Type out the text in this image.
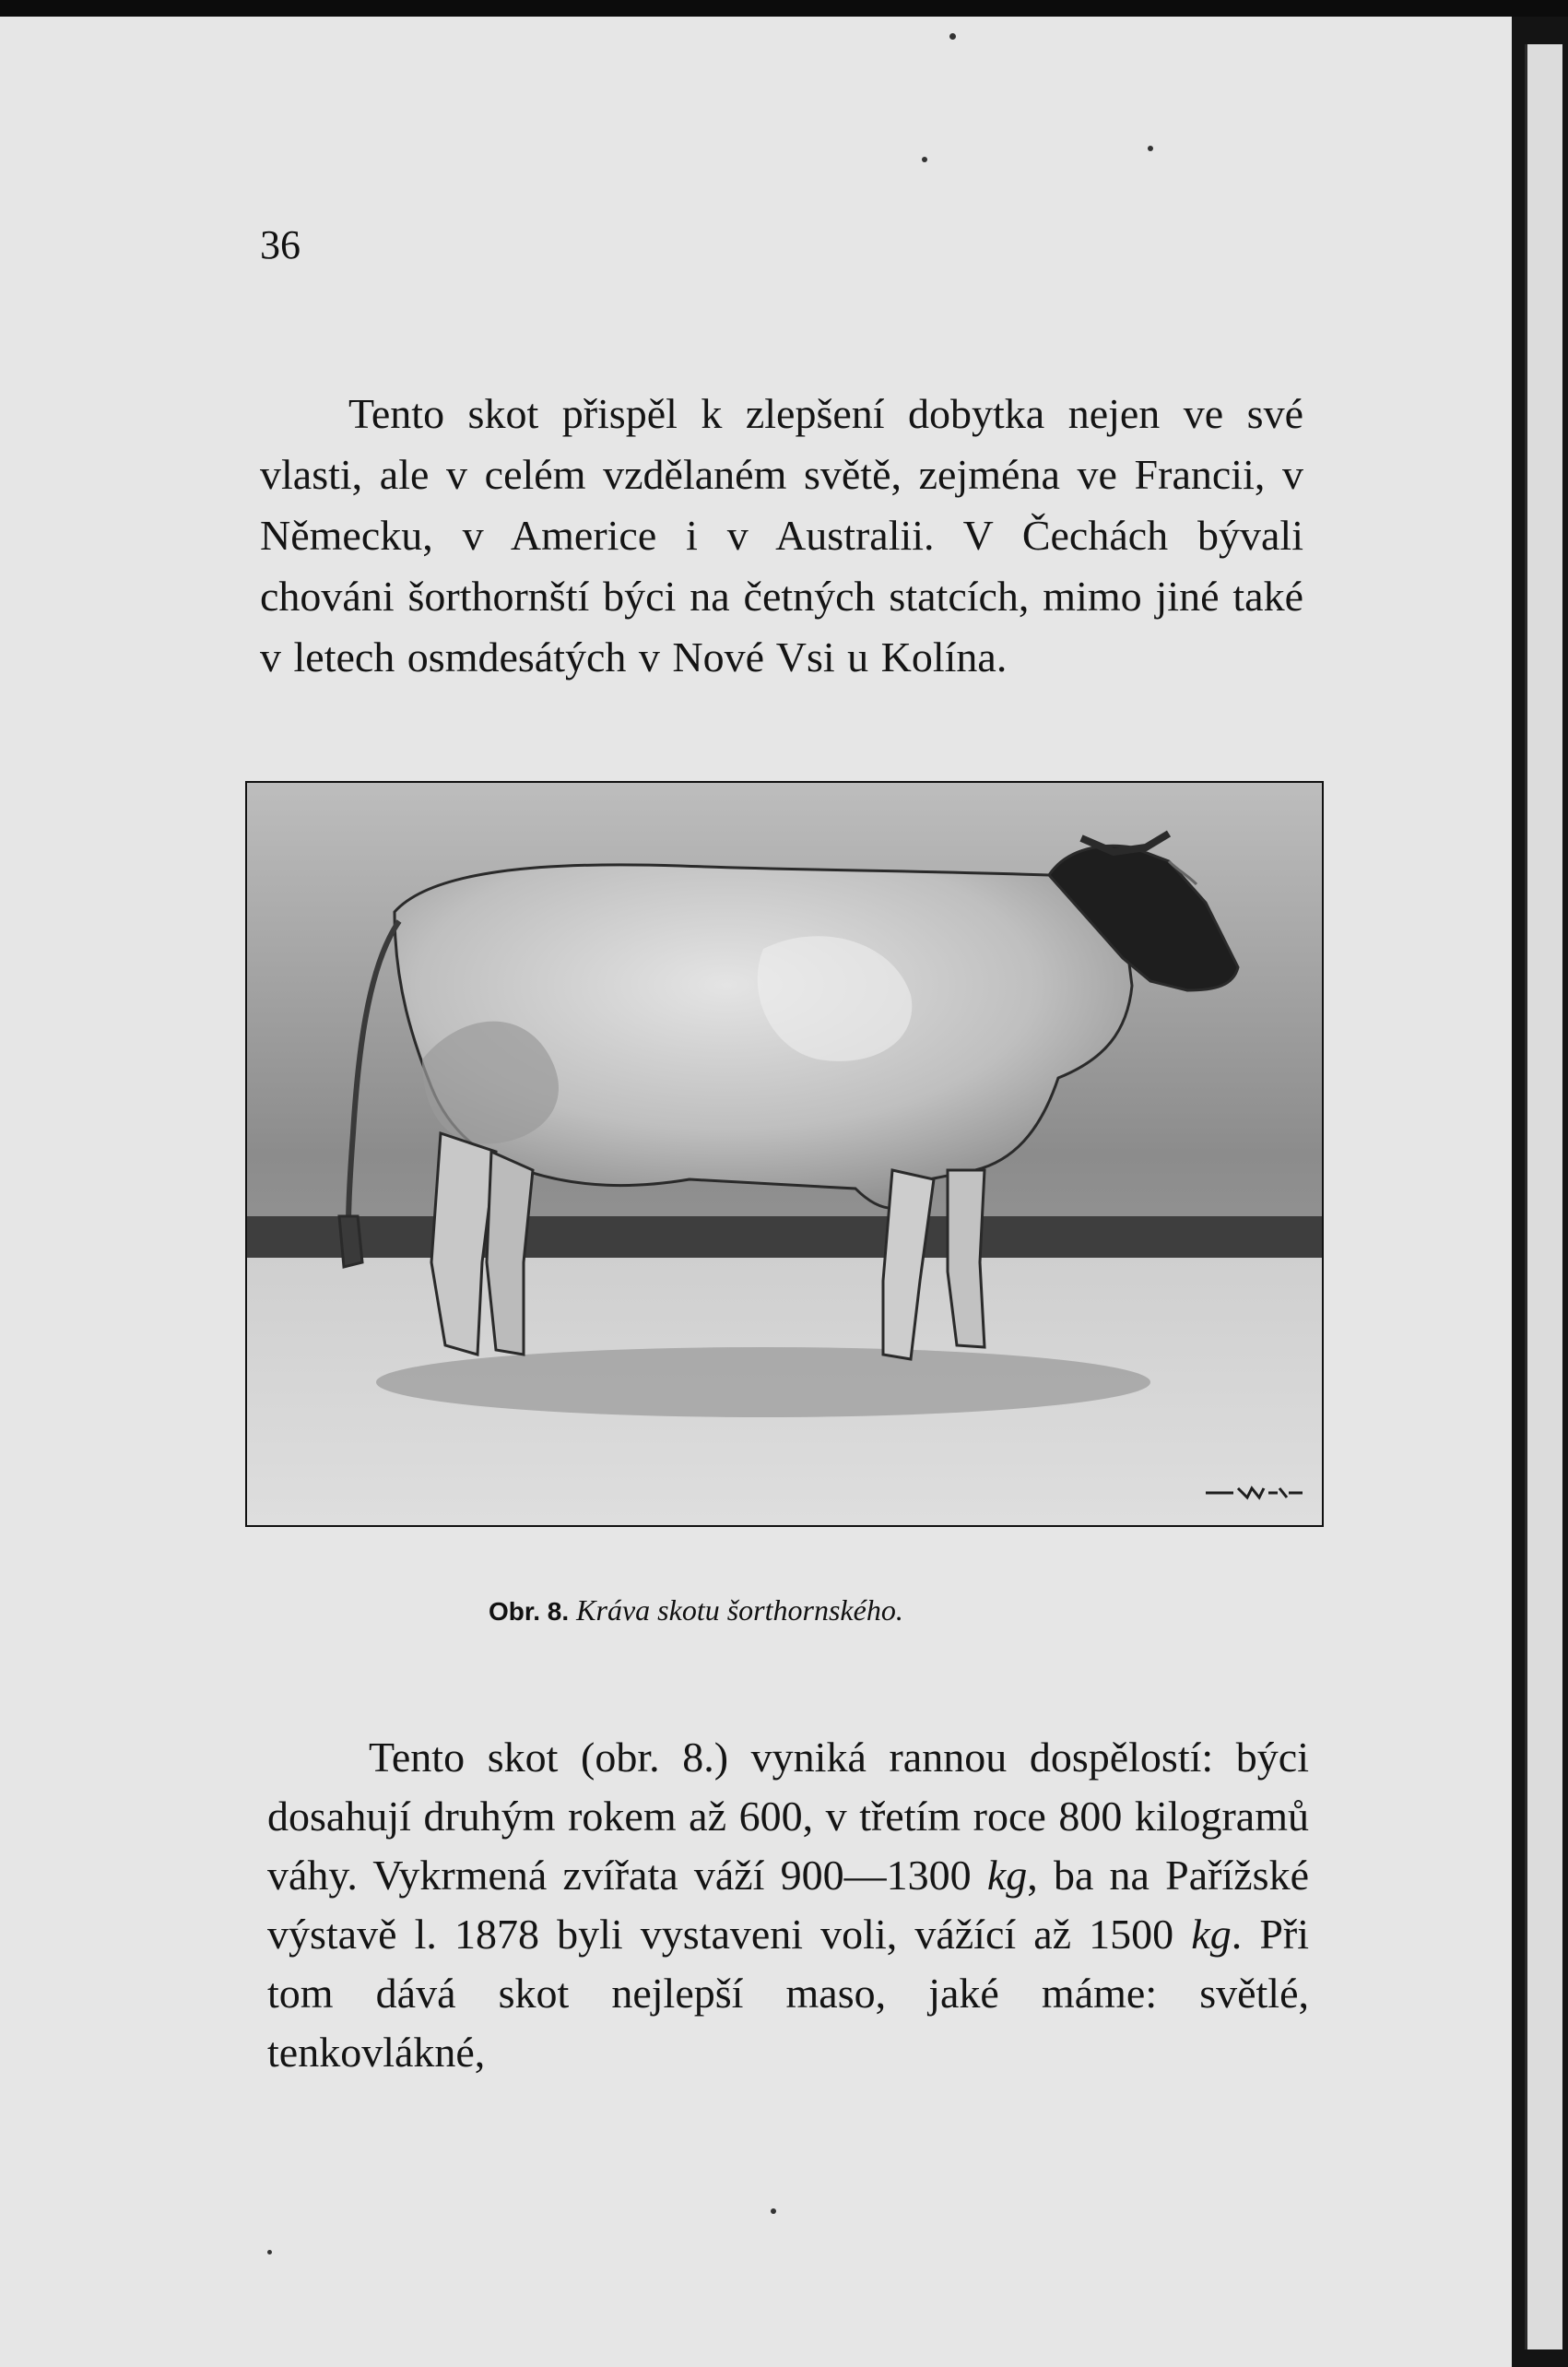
36

Tento skot přispěl k zlepšení dobytka nejen ve své vlasti, ale v celém vzdělaném světě, zejména ve Francii, v Německu, v Americe i v Australii. V Čechách bývali chováni šorthornští býci na četných statcích, mimo jiné také v letech osmdesátých v Nové Vsi u Kolína.

Obr. 8. Kráva skotu šorthornského.

Tento skot (obr. 8.) vyniká rannou dospělostí: býci dosahují druhým rokem až 600, v třetím roce 800 kilogramů váhy. Vykrmená zvířata váží 900—1300 kg, ba na Pařížské výstavě l. 1878 byli vystaveni voli, vážící až 1500 kg. Při tom dává skot nejlepší maso, jaké máme: světlé, tenkovlákné,
